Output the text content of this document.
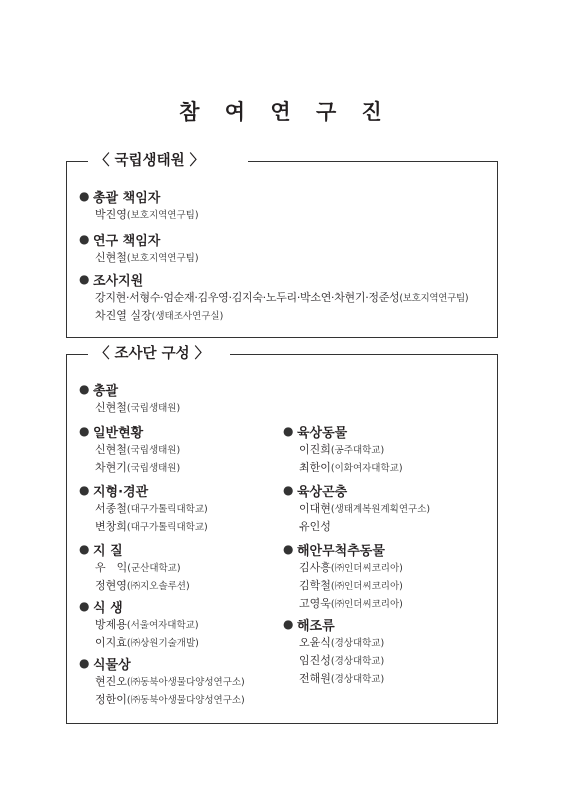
참 여 연 구 진
〈 국립생태원 〉
● 총괄 책임자
박진영(보호지역연구팀)
● 연구 책임자
신현철(보호지역연구팀)
● 조사지원
강지현·서형수·엄순재·김우영·김지숙·노두리·박소연·차현기·정준성(보호지역연구팀)
차진열 실장(생태조사연구실)
〈 조사단 구성 〉
● 총괄
신현철(국립생태원)
● 일반현황
신현철(국립생태원)
차현기(국립생태원)
● 지형·경관
서종철(대구가톨릭대학교)
변창희(대구가톨릭대학교)
● 지 질
우　익(군산대학교)
정현영(㈜지오솔루션)
● 식 생
방제용(서울여자대학교)
이지효(㈜상원기술개발)
● 식물상
현진오(㈜동북아생물다양성연구소)
정한이(㈜동북아생물다양성연구소)
● 육상동물
이진희(공주대학교)
최한이(이화여자대학교)
● 육상곤충
이대현(생태계복원계획연구소)
유인성
● 해안무척추동물
김사흥(㈜인더씨코리아)
김학철(㈜인더씨코리아)
고영욱(㈜인더씨코리아)
● 해조류
오윤식(경상대학교)
임진성(경상대학교)
전해원(경상대학교)
